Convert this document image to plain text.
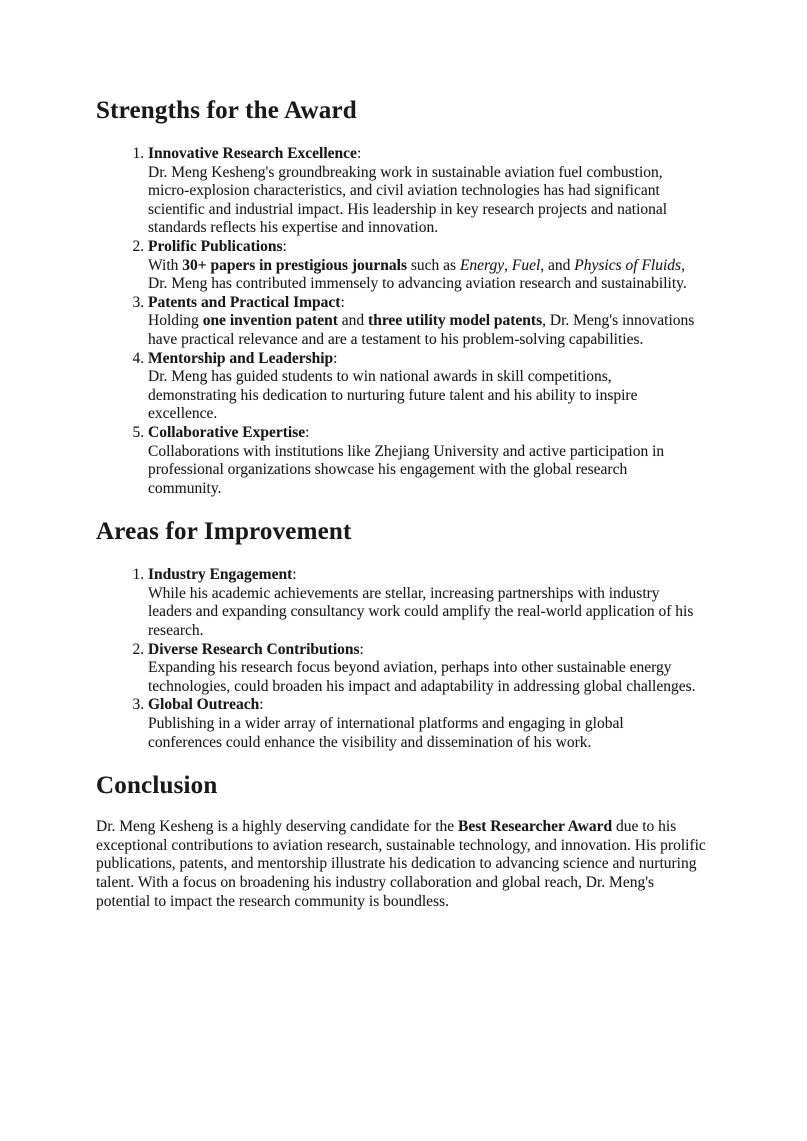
Strengths for the Award
1. Innovative Research Excellence:
Dr. Meng Kesheng's groundbreaking work in sustainable aviation fuel combustion, micro-explosion characteristics, and civil aviation technologies has had significant scientific and industrial impact. His leadership in key research projects and national standards reflects his expertise and innovation.
2. Prolific Publications:
With 30+ papers in prestigious journals such as Energy, Fuel, and Physics of Fluids, Dr. Meng has contributed immensely to advancing aviation research and sustainability.
3. Patents and Practical Impact:
Holding one invention patent and three utility model patents, Dr. Meng's innovations have practical relevance and are a testament to his problem-solving capabilities.
4. Mentorship and Leadership:
Dr. Meng has guided students to win national awards in skill competitions, demonstrating his dedication to nurturing future talent and his ability to inspire excellence.
5. Collaborative Expertise:
Collaborations with institutions like Zhejiang University and active participation in professional organizations showcase his engagement with the global research community.
Areas for Improvement
1. Industry Engagement:
While his academic achievements are stellar, increasing partnerships with industry leaders and expanding consultancy work could amplify the real-world application of his research.
2. Diverse Research Contributions:
Expanding his research focus beyond aviation, perhaps into other sustainable energy technologies, could broaden his impact and adaptability in addressing global challenges.
3. Global Outreach:
Publishing in a wider array of international platforms and engaging in global conferences could enhance the visibility and dissemination of his work.
Conclusion

Dr. Meng Kesheng is a highly deserving candidate for the Best Researcher Award due to his exceptional contributions to aviation research, sustainable technology, and innovation. His prolific publications, patents, and mentorship illustrate his dedication to advancing science and nurturing talent. With a focus on broadening his industry collaboration and global reach, Dr. Meng's potential to impact the research community is boundless.
